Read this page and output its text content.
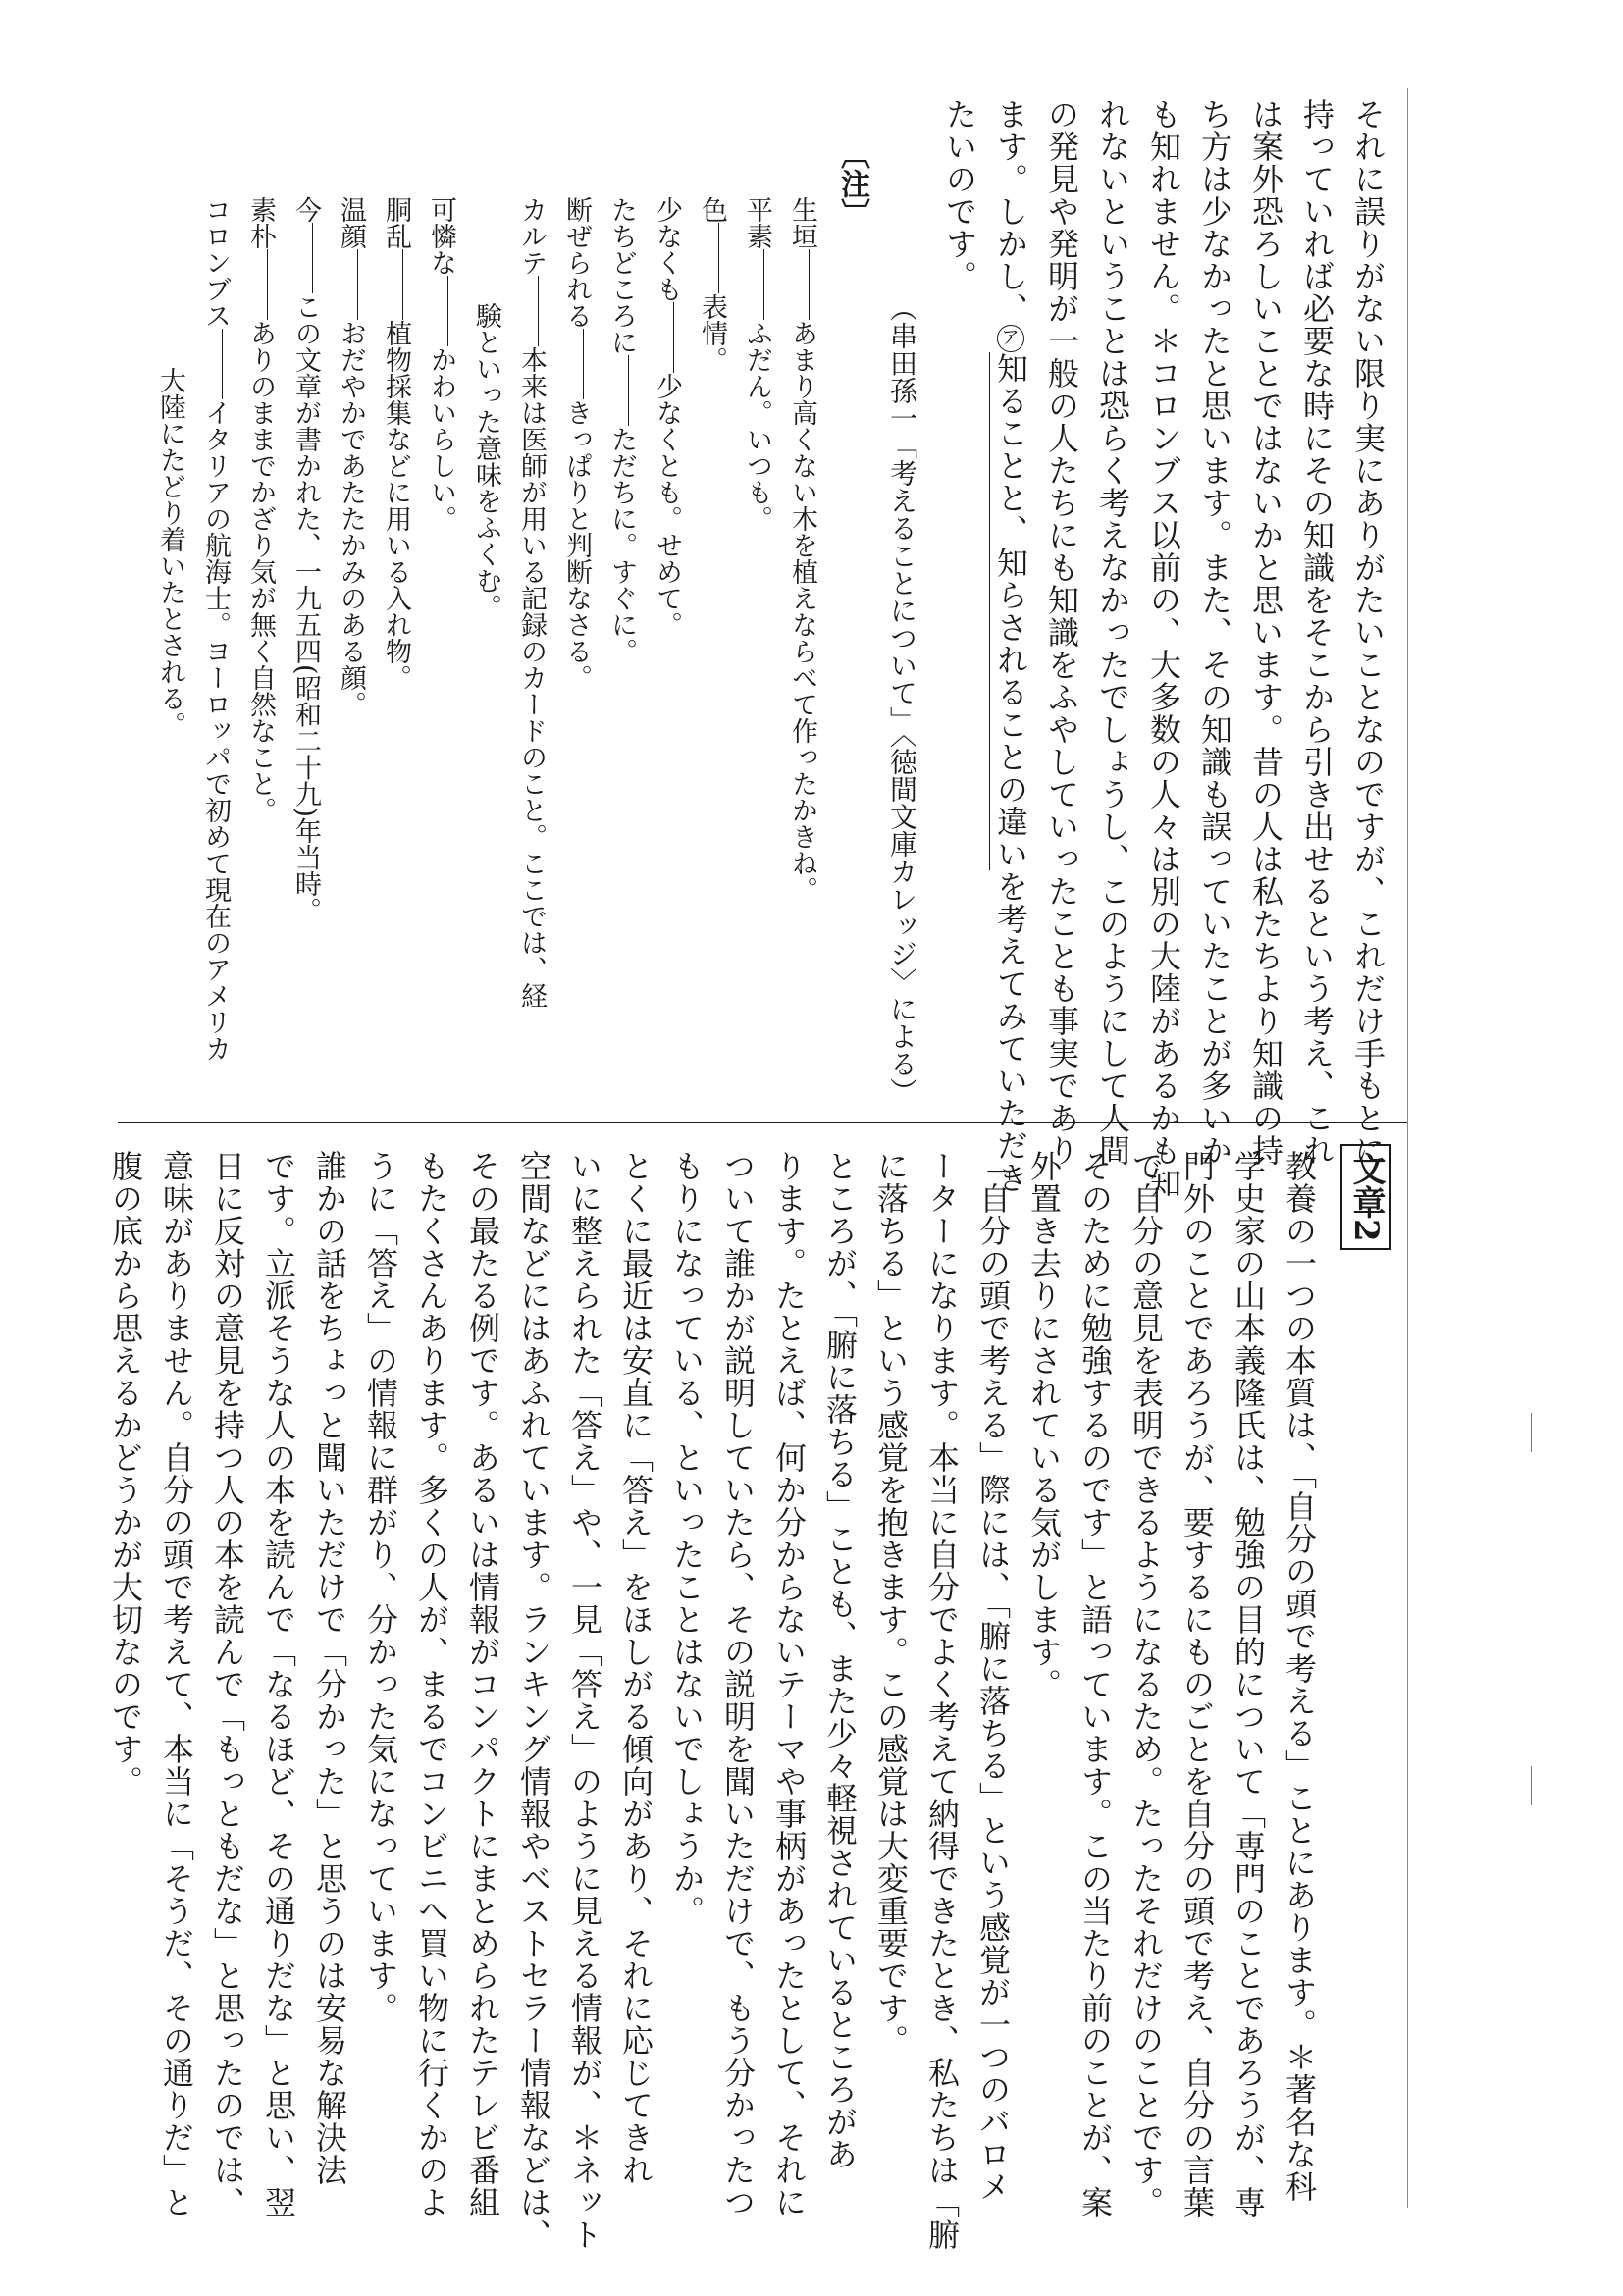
それに誤りがない限り実にありがたいことなのですが、これだけ手もとに
持っていれば必要な時にその知識をそこから引き出せるという考え、これ
は案外恐ろしいことではないかと思います。昔の人は私たちより知識の持
ち方は少なかったと思います。また、その知識も誤っていたことが多いか
も知れません。＊コロンブス以前の、大多数の人々は別の大陸があるかも知
れないということは恐らく考えなかったでしょうし、このようにして人間
の発見や発明が一般の人たちにも知識をふやしていったことも事実であり
ます。しかし、ア知ることと、知らされることの違いを考えてみていただき
たいのです。
（串田孫一「考えることについて」〈徳間文庫カレッジ〉による）
〔注〕
生垣あまり高くない木を植えならべて作ったかきね。
平素ふだん。いつも。
色表情。
少なくも少なくとも。せめて。
たちどころにただちに。すぐに。
断ぜられるきっぱりと判断なさる。
カルテ本来は医師が用いる記録のカードのこと。ここでは、経
験といった意味をふくむ。
可憐なかわいらしい。
胴乱植物採集などに用いる入れ物。
温顔おだやかであたたかみのある顔。
今この文章が書かれた、一九五四(昭和二十九)年当時。
素朴ありのままでかざり気が無く自然なこと。
コロンブスイタリアの航海士。ヨーロッパで初めて現在のアメリカ
大陸にたどり着いたとされる。
文章2
教養の一つの本質は、「自分の頭で考える」ことにあります。＊著名な科
学史家の山本義隆氏は、勉強の目的について「専門のことであろうが、専
門外のことであろうが、要するにものごとを自分の頭で考え、自分の言葉
で自分の意見を表明できるようになるため。たったそれだけのことです。
そのために勉強するのです」と語っています。この当たり前のことが、案
外置き去りにされている気がします。
「自分の頭で考える」際には、「腑に落ちる」という感覚が一つのバロメ
ーターになります。本当に自分でよく考えて納得できたとき、私たちは「腑
に落ちる」という感覚を抱きます。この感覚は大変重要です。
ところが、「腑に落ちる」ことも、また少々軽視されているところがあ
ります。たとえば、何か分からないテーマや事柄があったとして、それに
ついて誰かが説明していたら、その説明を聞いただけで、もう分かったつ
もりになっている、といったことはないでしょうか。
とくに最近は安直に「答え」をほしがる傾向があり、それに応じてきれ
いに整えられた「答え」や、一見「答え」のように見える情報が、＊ネット
空間などにはあふれています。ランキング情報やベストセラー情報などは、
その最たる例です。あるいは情報がコンパクトにまとめられたテレビ番組
もたくさんあります。多くの人が、まるでコンビニへ買い物に行くかのよ
うに「答え」の情報に群がり、分かった気になっています。
誰かの話をちょっと聞いただけで「分かった」と思うのは安易な解決法
です。立派そうな人の本を読んで「なるほど、その通りだな」と思い、翌
日に反対の意見を持つ人の本を読んで「もっともだな」と思ったのでは、
意味がありません。自分の頭で考えて、本当に「そうだ、その通りだ」と
腹の底から思えるかどうかが大切なのです。
